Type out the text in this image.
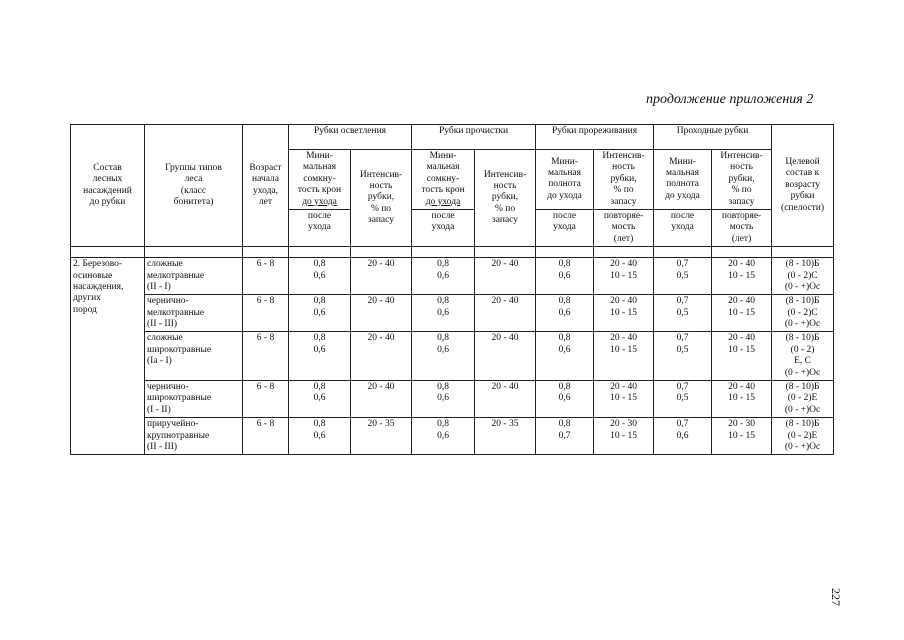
продолжение приложения 2
Состав
лесных
насаждений
до рубки	Группы типов
леса
(класс
бонитета)	Возраст
начала
ухода,
лет	Рубки осветления		Рубки прочистки		Рубки прореживания		Проходные рубки		Целевой
состав к
возрасту
рубки
(спелости)

			Мини-
мальная
сомкну-
тость крон
до ухода	Интенсив-
ность
рубки,
% по
запасу	Мини-
мальная
сомкну-
тость крон
до ухода	Интенсив-
ность
рубки,
% по
запасу	Мини-
мальная
полнота
до ухода	Интенсив-
ность
рубки,
% по
запасу	Мини-
мальная
полнота
до ухода	Интенсив-
ность
рубки,
% по
запасу	

			после
ухода		после
ухода		после
ухода	повторяе-
мость
(лет)	после
ухода	повторяе-
мость
(лет)	

2. Березово-
осиновые
насаждения,
других
пород	сложные
мелкотравные
(II - I)	6 - 8	0,8
0,6	20 - 40	0,8
0,6	20 - 40	0,8
0,6	20 - 40
10 - 15	0,7
0,5	20 - 40
10 - 15	(8 - 10)Б
(0 - 2)С
(0 - +)Ос

	чернично-
мелкотравные
(II - III)	6 - 8	0,8
0,6	20 - 40	0,8
0,6	20 - 40	0,8
0,6	20 - 40
10 - 15	0,7
0,5	20 - 40
10 - 15	(8 - 10)Б
(0 - 2)С
(0 - +)Ос

	сложные
широкотравные
(Ia - I)	6 - 8	0,8
0,6	20 - 40	0,8
0,6	20 - 40	0,8
0,6	20 - 40
10 - 15	0,7
0,5	20 - 40
10 - 15	(8 - 10)Б
(0 - 2)
Е, С
(0 - +)Ос

	чернично-
широкотравные
(I - II)	6 - 8	0,8
0,6	20 - 40	0,8
0,6	20 - 40	0,8
0,6	20 - 40
10 - 15	0,7
0,5	20 - 40
10 - 15	(8 - 10)Б
(0 - 2)Е
(0 - +)Ос

	приручейно-
крупнотравные
(II - III)	6 - 8	0,8
0,6	20 - 35	0,8
0,6	20 - 35	0,8
0,7	20 - 30
10 - 15	0,7
0,6	20 - 30
10 - 15	(8 - 10)Б
(0 - 2)Е
(0 - +)Ос
227
